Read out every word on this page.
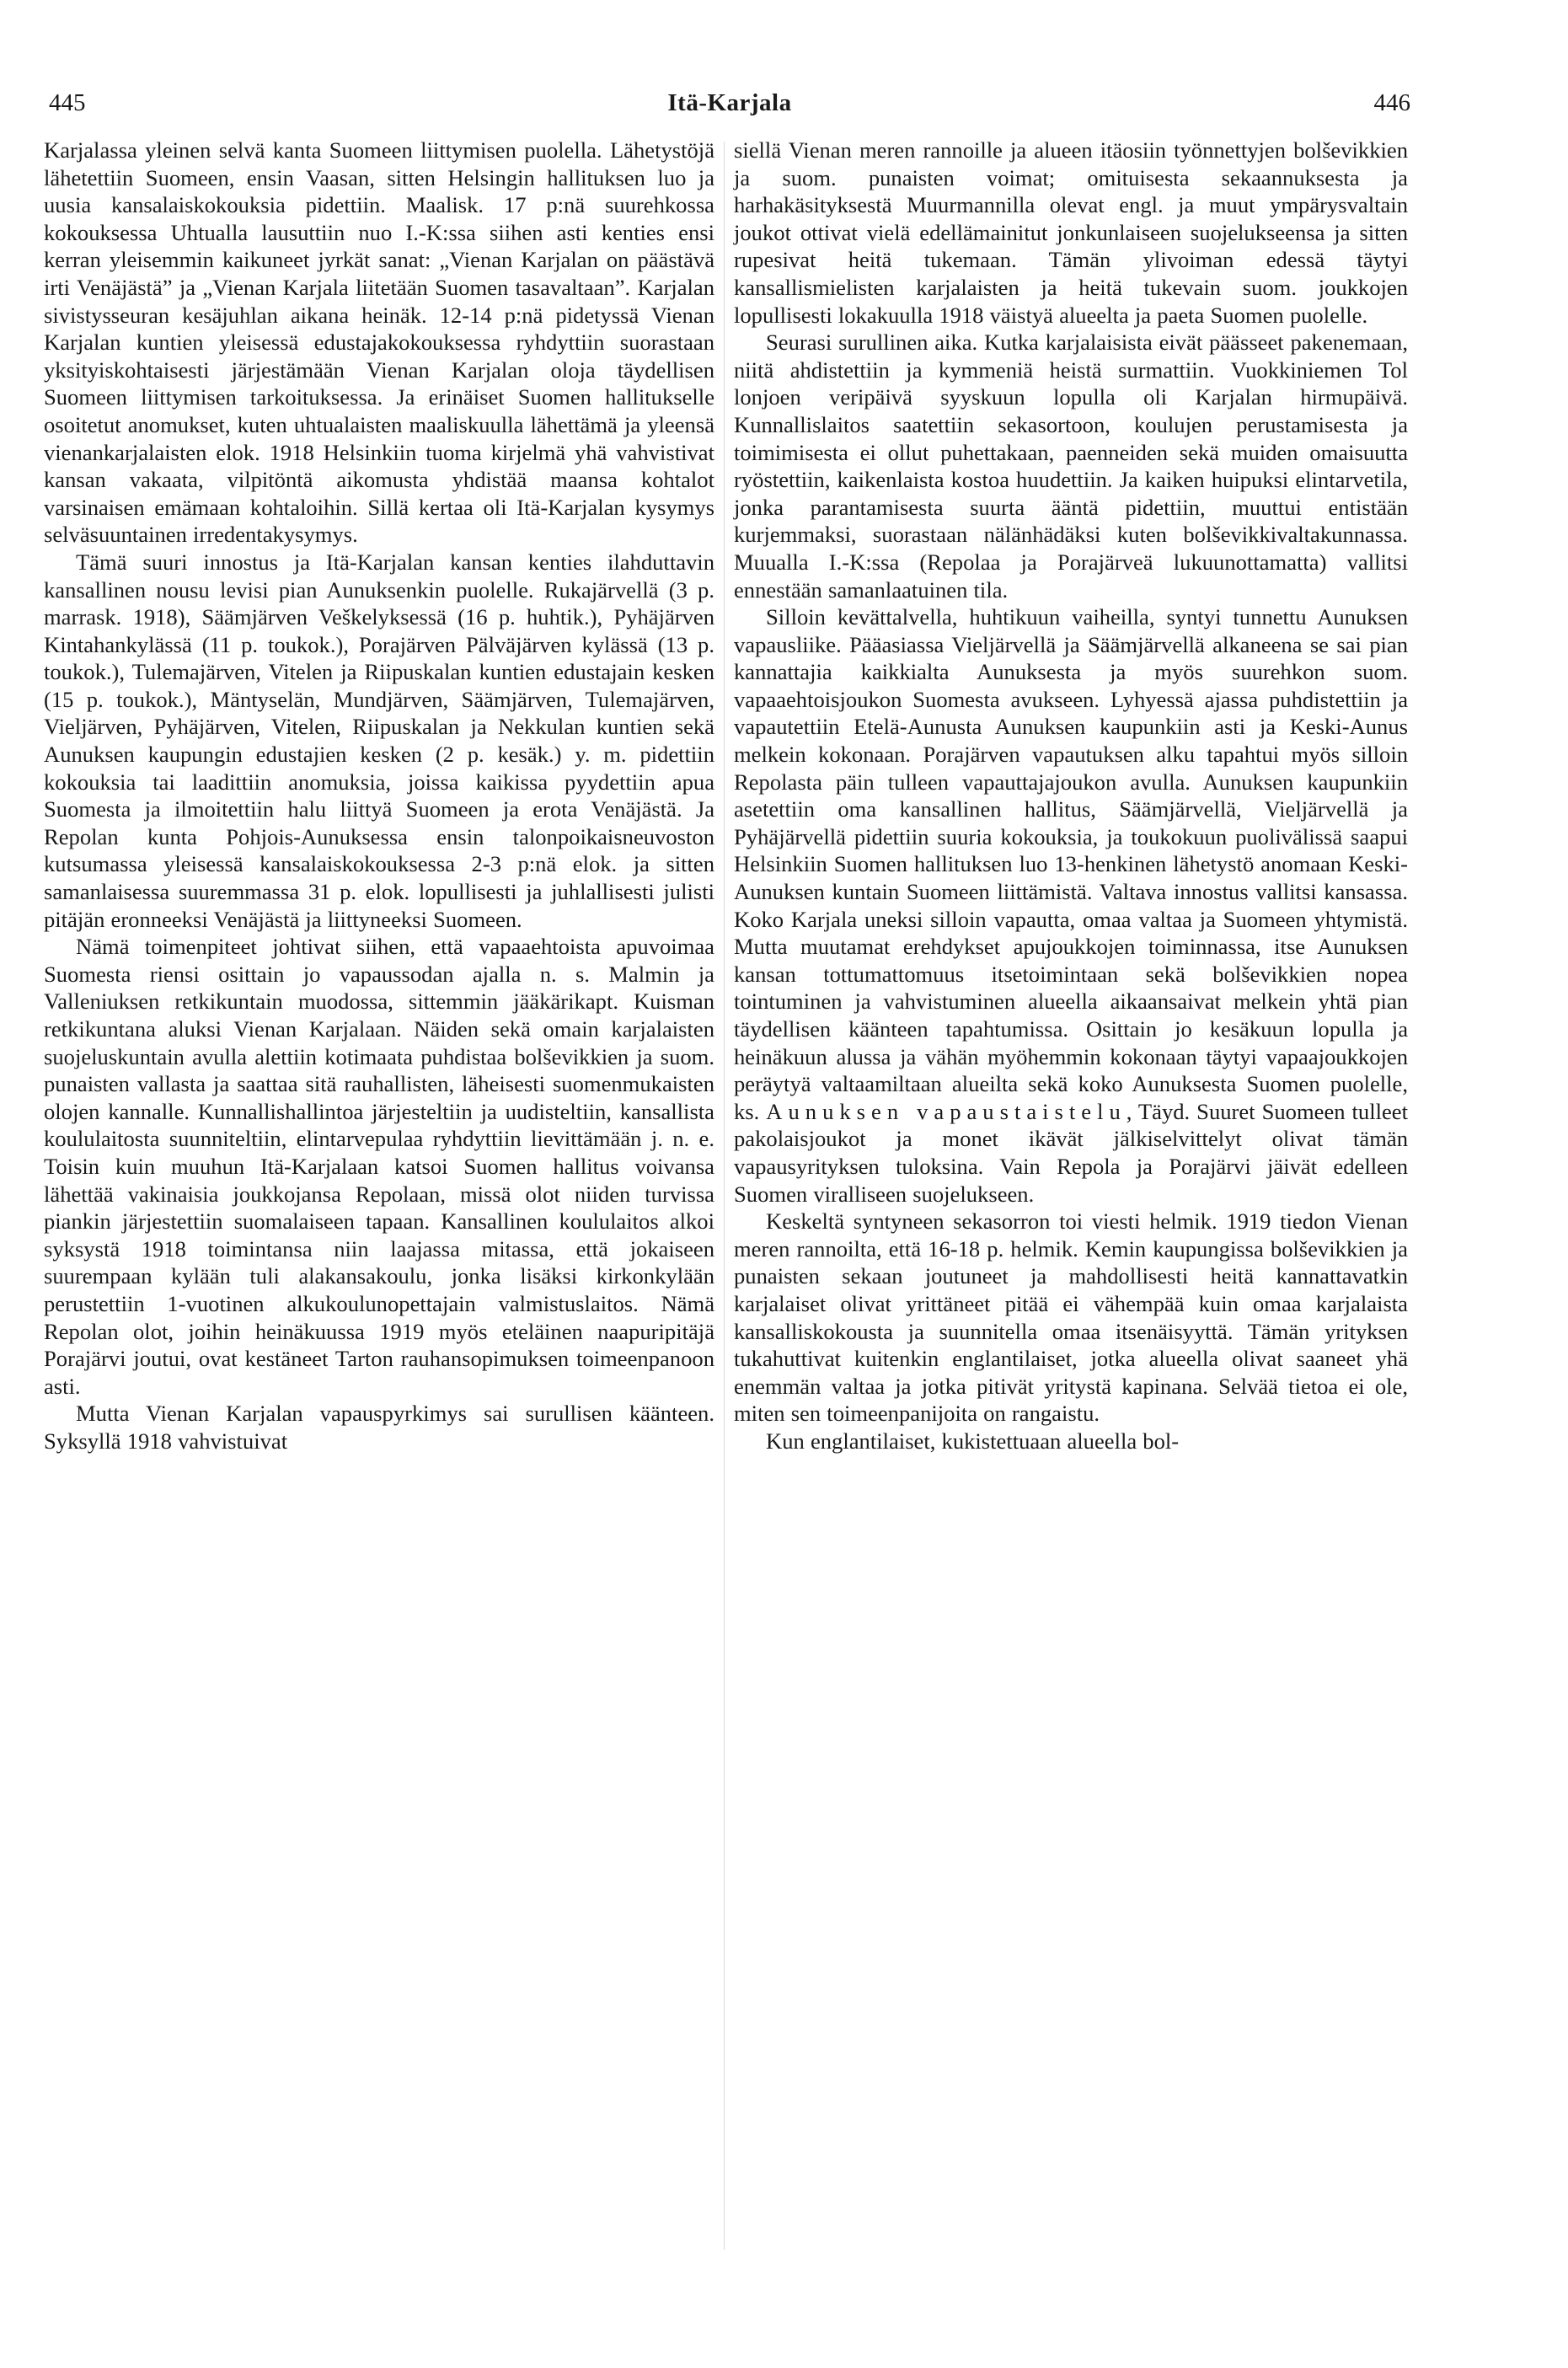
445	Itä-Karjala	446

Karjalassa yleinen selvä kanta Suomeen liittymisen puolella. Lähetystöjä lähetettiin Suomeen, ensin Vaasan, sitten Helsingin hallituksen luo ja uusia kansalaiskokouksia pidettiin. Maalisk. 17 p:nä suurehkossa kokouksessa Uhtualla lausuttiin nuo I.-K:ssa siihen asti kenties ensi kerran yleisemmin kaikuneet jyrkät sanat: „Vienan Karjalan on päästävä irti Venäjästä” ja „Vienan Karjala liitetään Suomen tasavaltaan”. Karjalan sivistysseuran kesäjuhlan aikana heinäk. 12-14 p:nä pidetyssä Vienan Karjalan kuntien yleisessä edustajakokouksessa ryhdyttiin suorastaan yksityiskohtaisesti järjestämään Vienan Karjalan oloja täydellisen Suomeen liittymisen tarkoituksessa. Ja erinäiset Suomen hallitukselle osoitetut anomukset, kuten uhtualaisten maaliskuulla lähettämä ja yleensä vienankarjalaisten elok. 1918 Helsinkiin tuoma kirjelmä yhä vahvistivat kansan vakaata, vilpitöntä aikomusta yhdistää maansa kohtalot varsinaisen emämaan kohtaloihin. Sillä kertaa oli Itä-Karjalan kysymys selväsuuntainen irredentakysymys.

Tämä suuri innostus ja Itä-Karjalan kansan kenties ilahduttavin kansallinen nousu levisi pian Aunuksenkin puolelle. Rukajärvellä (3 p. marrask. 1918), Säämjärven Veškelyksessä (16 p. huhtik.), Pyhäjärven Kintahankylässä (11 p. toukok.), Porajärven Pälväjärven kylässä (13 p. toukok.), Tulemajärven, Vitelen ja Riipuskalan kuntien edustajain kesken (15 p. toukok.), Mäntyselän, Mundjärven, Säämjärven, Tulemajärven, Vieljärven, Pyhäjärven, Vitelen, Riipuskalan ja Nekkulan kuntien sekä Aunuksen kaupungin edustajien kesken (2 p. kesäk.) y. m. pidettiin kokouksia tai laadittiin anomuksia, joissa kaikissa pyydettiin apua Suomesta ja ilmoitettiin halu liittyä Suomeen ja erota Venäjästä. Ja Repolan kunta Pohjois-Aunuksessa ensin talonpoikaisneuvoston kutsumassa yleisessä kansalaiskokouksessa 2-3 p:nä elok. ja sitten samanlaisessa suuremmassa 31 p. elok. lopullisesti ja juhlallisesti julisti pitäjän eronneeksi Venäjästä ja liittyneeksi Suomeen.

Nämä toimenpiteet johtivat siihen, että vapaaehtoista apuvoimaa Suomesta riensi osittain jo vapaussodan ajalla n. s. Malmin ja Valleniuksen retkikuntain muodossa, sittemmin jääkärikapt. Kuisman retkikuntana aluksi Vienan Karjalaan. Näiden sekä omain karjalaisten suojeluskuntain avulla alettiin kotimaata puhdistaa bolševikkien ja suom. punaisten vallasta ja saattaa sitä rauhallisten, läheisesti suomenmukaisten olojen kannalle. Kunnallishallintoa järjesteltiin ja uudisteltiin, kansallista koululaitosta suunniteltiin, elintarvepulaa ryhdyttiin lievittämään j. n. e. Toisin kuin muuhun Itä-Karjalaan katsoi Suomen hallitus voivansa lähettää vakinaisia joukkojansa Repolaan, missä olot niiden turvissa piankin järjestettiin suomalaiseen tapaan. Kansallinen koululaitos alkoi syksystä 1918 toimintansa niin laajassa mitassa, että jokaiseen suurempaan kylään tuli alakansakoulu, jonka lisäksi kirkonkylään perustettiin 1-vuotinen alkukoulunopettajain valmistuslaitos. Nämä Repolan olot, joihin heinäkuussa 1919 myös eteläinen naapuripitäjä Porajärvi joutui, ovat kestäneet Tarton rauhansopimuksen toimeenpanoon asti.

Mutta Vienan Karjalan vapauspyrkimys sai surullisen käänteen. Syksyllä 1918 vahvistuivat

siellä Vienan meren rannoille ja alueen itäosiin työnnettyjen bolševikkien ja suom. punaisten voimat; omituisesta sekaannuksesta ja harhakäsityksestä Muurmannilla olevat engl. ja muut ympärysvaltain joukot ottivat vielä edellämainitut jonkunlaiseen suojelukseensa ja sitten rupesivat heitä tukemaan. Tämän ylivoiman edessä täytyi kansallismielisten karjalaisten ja heitä tukevain suom. joukkojen lopullisesti lokakuulla 1918 väistyä alueelta ja paeta Suomen puolelle.

Seurasi surullinen aika. Kutka karjalaisista eivät päässeet pakenemaan, niitä ahdistettiin ja kymmeniä heistä surmattiin. Vuokkiniemen Tol lonjoen veripäivä syyskuun lopulla oli Karjalan hirmupäivä. Kunnallislaitos saatettiin sekasortoon, koulujen perustamisesta ja toimimisesta ei ollut puhettakaan, paenneiden sekä muiden omaisuutta ryöstettiin, kaikenlaista kostoa huudettiin. Ja kaiken huipuksi elintarvetila, jonka parantamisesta suurta ääntä pidettiin, muuttui entistään kurjemmaksi, suorastaan nälänhädäksi kuten bolševikkivaltakunnassa. Muualla I.-K:ssa (Repolaa ja Porajärveä lukuunottamatta) vallitsi ennestään samanlaatuinen tila.

Silloin kevättalvella, huhtikuun vaiheilla, syntyi tunnettu Aunuksen vapausliike. Pääasiassa Vieljärvellä ja Säämjärvellä alkaneena se sai pian kannattajia kaikkialta Aunuksesta ja myös suurehkon suom. vapaaehtoisjoukon Suomesta avukseen. Lyhyessä ajassa puhdistettiin ja vapautettiin Etelä-Aunusta Aunuksen kaupunkiin asti ja Keski-Aunus melkein kokonaan. Porajärven vapautuksen alku tapahtui myös silloin Repolasta päin tulleen vapauttajajoukon avulla. Aunuksen kaupunkiin asetettiin oma kansallinen hallitus, Säämjärvellä, Vieljärvellä ja Pyhäjärvellä pidettiin suuria kokouksia, ja toukokuun puolivälissä saapui Helsinkiin Suomen hallituksen luo 13-henkinen lähetystö anomaan Keski-Aunuksen kuntain Suomeen liittämistä. Valtava innostus vallitsi kansassa. Koko Karjala uneksi silloin vapautta, omaa valtaa ja Suomeen yhtymistä. Mutta muutamat erehdykset apujoukkojen toiminnassa, itse Aunuksen kansan tottumattomuus itsetoimintaan sekä bolševikkien nopea tointuminen ja vahvistuminen alueella aikaansaivat melkein yhtä pian täydellisen käänteen tapahtumissa. Osittain jo kesäkuun lopulla ja heinäkuun alussa ja vähän myöhemmin kokonaan täytyi vapaajoukkojen peräytyä valtaamiltaan alueilta sekä koko Aunuksesta Suomen puolelle, ks. Aunuksen vapaustaistelu, Täyd. Suuret Suomeen tulleet pakolaisjoukot ja monet ikävät jälkiselvittelyt olivat tämän vapausyrityksen tuloksina. Vain Repola ja Porajärvi jäivät edelleen Suomen viralliseen suojelukseen.

Keskeltä syntyneen sekasorron toi viesti helmik. 1919 tiedon Vienan meren rannoilta, että 16-18 p. helmik. Kemin kaupungissa bolševikkien ja punaisten sekaan joutuneet ja mahdollisesti heitä kannattavatkin karjalaiset olivat yrittäneet pitää ei vähempää kuin omaa karjalaista kansalliskokousta ja suunnitella omaa itsenäisyyttä. Tämän yrityksen tukahuttivat kuitenkin englantilaiset, jotka alueella olivat saaneet yhä enemmän valtaa ja jotka pitivät yritystä kapinana. Selvää tietoa ei ole, miten sen toimeenpanijoita on rangaistu.

Kun englantilaiset, kukistettuaan alueella bol-
